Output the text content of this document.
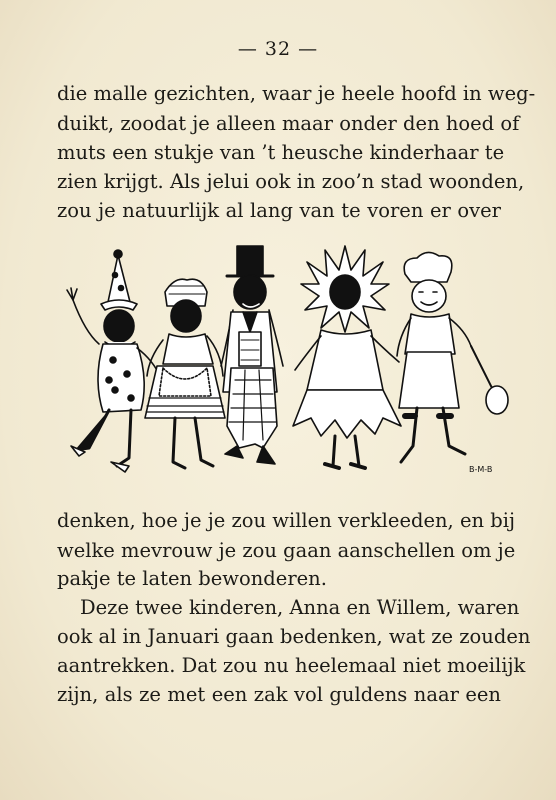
— 32 —
die malle gezichten, waar je heele hoofd in weg-
duikt, zoodat je alleen maar onder den hoed of
muts een stukje van ’t heusche kinderhaar te
zien krijgt. Als jelui ook in zoo’n stad woonden,
zou je natuurlijk al lang van te voren er over
B-M-B
denken, hoe je je zou willen verkleeden, en bij
welke mevrouw je zou gaan aanschellen om je
pakje te laten bewonderen.
Deze twee kinderen, Anna en Willem, waren
ook al in Januari gaan bedenken, wat ze zouden
aantrekken. Dat zou nu heelemaal niet moeilijk
zijn, als ze met een zak vol guldens naar een
